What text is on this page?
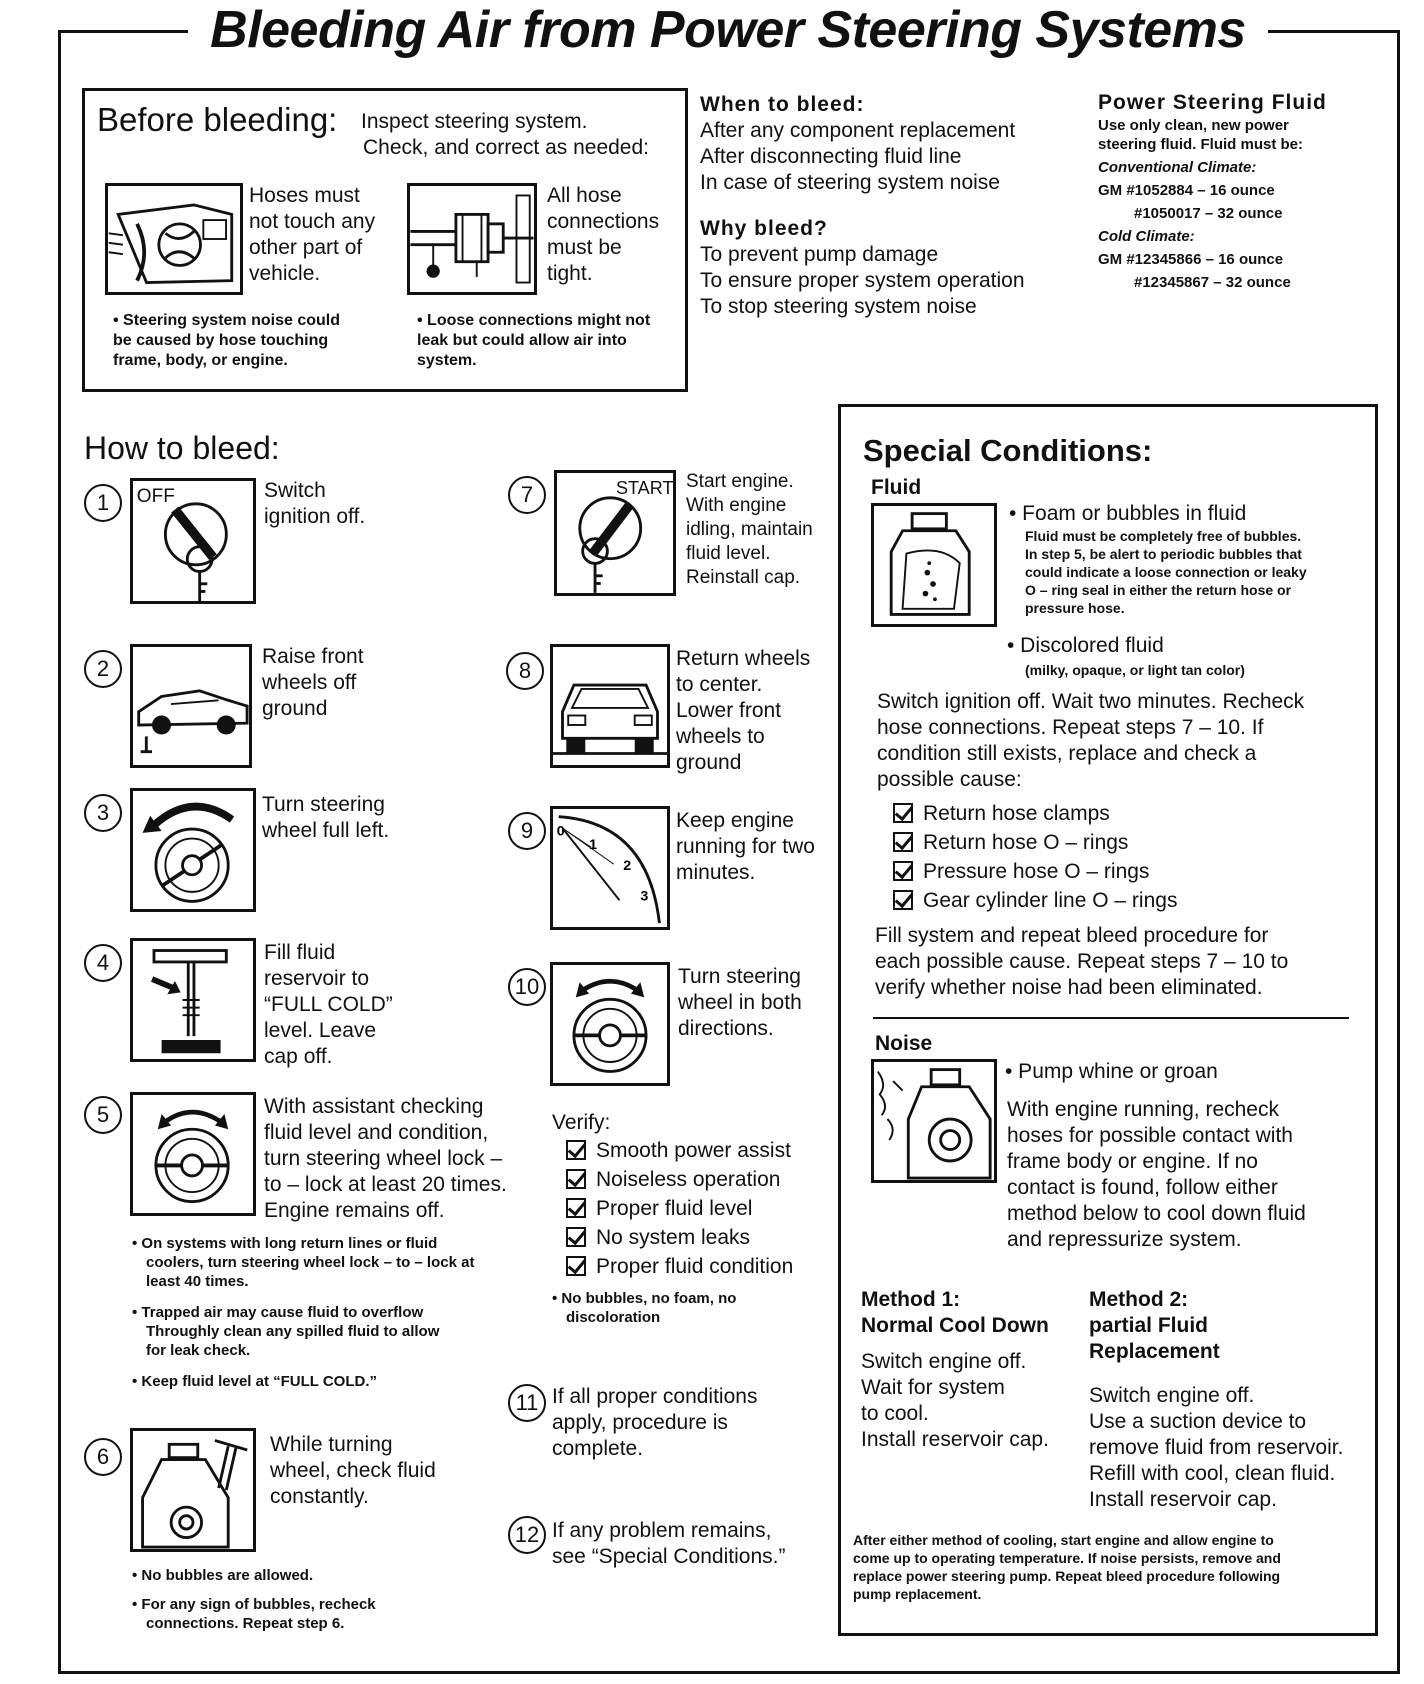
Bleeding Air from Power Steering Systems
Before bleeding: Inspect steering system.
Check, and correct as needed:
Hoses must
not touch any
other part of
vehicle.
• Steering system noise could
be caused by hose touching
frame, body, or engine.
All hose
connections
must be
tight.
• Loose connections might not
leak but could allow air into
system.
When to bleed:
After any component replacement
After disconnecting fluid line
In case of steering system noise
Why bleed?
To prevent pump damage
To ensure proper system operation
To stop steering system noise
Power Steering Fluid
Use only clean, new power
steering fluid. Fluid must be:
Conventional Climate:
GM #1052884 – 16 ounce
#1050017 – 32 ounce
Cold Climate:
GM #12345866 – 16 ounce
#12345867 – 32 ounce
How to bleed:
1	OFF	Switch
ignition off.
2	Raise front
wheels off
ground
3	Turn steering
wheel full left.
4	Fill fluid
reservoir to
“FULL COLD”
level. Leave
cap off.
5	With assistant checking
fluid level and condition,
turn steering wheel lock –
to – lock at least 20 times.
Engine remains off.
• On systems with long return lines or fluid
coolers, turn steering wheel lock – to – lock at
least 40 times.
• Trapped air may cause fluid to overflow
Throughly clean any spilled fluid to allow
for leak check.
• Keep fluid level at “FULL COLD.”
6	While turning
wheel, check fluid
constantly.
• No bubbles are allowed.
• For any sign of bubbles, recheck
connections. Repeat step 6.
7	START Start engine.
With engine
idling, maintain
fluid level.
Reinstall cap.
8	Return wheels
to center.
Lower front
wheels to
ground
9	0
1
2
3
Keep engine
running for two
minutes.
10	Turn steering
wheel in both
directions.
Verify:
Smooth power assist
Noiseless operation
Proper fluid level
No system leaks
Proper fluid condition
• No bubbles, no foam, no
discoloration
11 If all proper conditions
apply, procedure is
complete.
12 If any problem remains,
see “Special Conditions.”
Special Conditions:
Fluid
• Foam or bubbles in fluid
Fluid must be completely free of bubbles.
In step 5, be alert to periodic bubbles that
could indicate a loose connection or leaky
O – ring seal in either the return hose or
pressure hose.
• Discolored fluid
(milky, opaque, or light tan color)
Switch ignition off. Wait two minutes. Recheck
hose connections. Repeat steps 7 – 10. If
condition still exists, replace and check a
possible cause:
Return hose clamps
Return hose O – rings
Pressure hose O – rings
Gear cylinder line O – rings
Fill system and repeat bleed procedure for
each possible cause. Repeat steps 7 – 10 to
verify whether noise had been eliminated.
Noise
• Pump whine or groan
With engine running, recheck
hoses for possible contact with
frame body or engine. If no
contact is found, follow either
method below to cool down fluid
and repressurize system.
Method 1:
Normal Cool Down
Switch engine off.
Wait for system
to cool.
Install reservoir cap.
Method 2:
partial Fluid
Replacement
Switch engine off.
Use a suction device to
remove fluid from reservoir.
Refill with cool, clean fluid.
Install reservoir cap.
After either method of cooling, start engine and allow engine to
come up to operating temperature. If noise persists, remove and
replace power steering pump. Repeat bleed procedure following
pump replacement.
